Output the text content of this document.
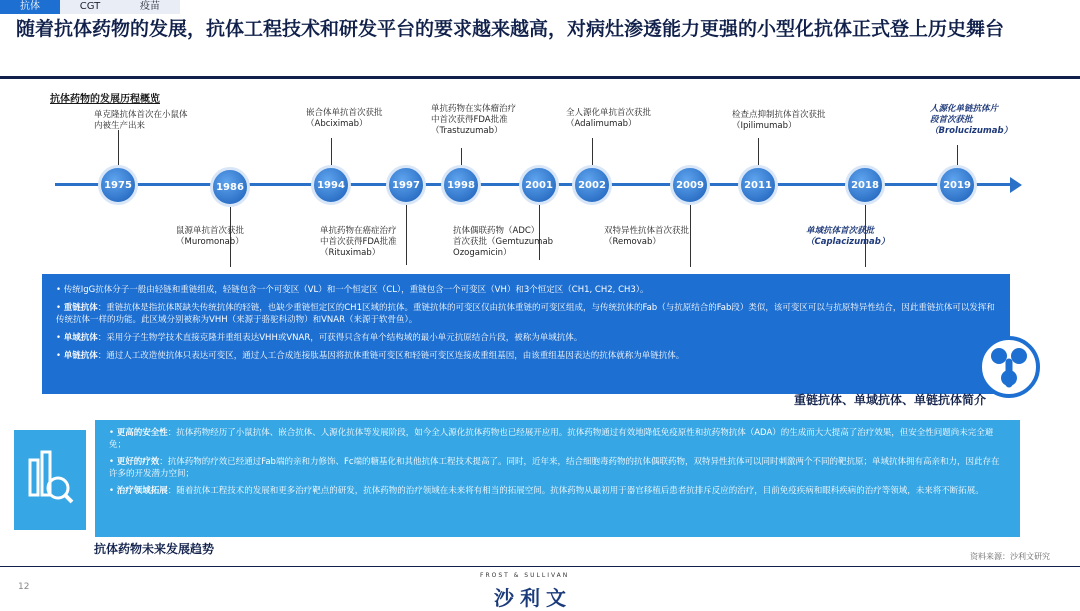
抗体	CGT	疫苗
随着抗体药物的发展，抗体工程技术和研发平台的要求越来越高，对病灶渗透能力更强的小型化抗体正式登上历史舞台
抗体药物的发展历程概览
1975	1986	1994	1997	1998	2001	2002	2009	2011	2018	2019
单克隆抗体首次在小鼠体
内被生产出来
鼠源单抗首次获批
（Muromonab）
嵌合体单抗首次获批
（Abciximab）
单抗药物在癌症治疗
中首次获得FDA批准
（Rituximab）
单抗药物在实体瘤治疗
中首次获得FDA批准
（Trastuzumab）
抗体偶联药物（ADC）
首次获批（Gemtuzumab
Ozogamicin）
全人源化单抗首次获批
（Adalimumab）
双特异性抗体首次获批
（Removab）
检查点抑制抗体首次获批
（Ipilimumab）
单域抗体首次获批
（Caplacizumab）
人源化单链抗体片
段首次获批
（Brolucizumab）

• 传统IgG抗体分子一般由轻链和重链组成，轻链包含一个可变区（VL）和一个恒定区（CL），重链包含一个可变区（VH）和3个恒定区（CH1, CH2, CH3）。

• 重链抗体：重链抗体是指抗体既缺失传统抗体的轻链，也缺少重链恒定区的CH1区域的抗体。重链抗体的可变区仅由抗体重链的可变区组成，与传统抗体的Fab（与抗原结合的Fab段）类似，该可变区可以与抗原特异性结合，因此重链抗体可以发挥和传统抗体一样的功能。此区域分别被称为VHH（来源于骆驼科动物）和VNAR（来源于软骨鱼）。

• 单域抗体：采用分子生物学技术直接克隆并重组表达VHH或VNAR，可获得只含有单个结构域的最小单元抗原结合片段，被称为单域抗体。

• 单链抗体：通过人工改造使抗体只表达可变区，通过人工合成连接肽基因将抗体重链可变区和轻链可变区连接成重组基因，由该重组基因表达的抗体就称为单链抗体。

重链抗体、单域抗体、单链抗体简介

• 更高的安全性：抗体药物经历了小鼠抗体、嵌合抗体、人源化抗体等发展阶段，如今全人源化抗体药物也已经展开应用。抗体药物通过有效地降低免疫原性和抗药物抗体（ADA）的生成而大大提高了治疗效果，但安全性问题尚未完全避免；

• 更好的疗效：抗体药物的疗效已经通过Fab端的亲和力修饰、Fc端的糖基化和其他抗体工程技术提高了。同时，近年来，结合细胞毒药物的抗体偶联药物，双特异性抗体可以同时刺激两个不同的靶抗原；单域抗体拥有高亲和力，因此存在许多的开发潜力空间；

• 治疗领域拓展：随着抗体工程技术的发展和更多治疗靶点的研发，抗体药物的治疗领域在未来将有相当的拓展空间。抗体药物从最初用于器官移植后患者抗排斥反应的治疗，目前免疫疾病和眼科疾病的治疗等领域，未来将不断拓展。

抗体药物未来发展趋势
资料来源：沙利文研究
12
FROST & SULLIVAN
沙利文
